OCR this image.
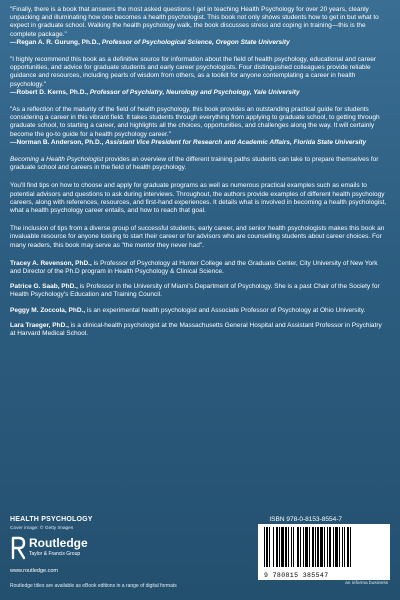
"Finally, there is a book that answers the most asked questions I get in teaching Health Psychology for over 20 years, cleanly unpacking and illuminating how one becomes a health psychologist. This book not only shows students how to get in but what to expect in graduate school. Walking the health psychology walk, the book discusses stress and coping in training—this is the complete package."
—Regan A. R. Gurung, Ph.D., Professor of Psychological Science, Oregon State University
"I highly recommend this book as a definitive source for information about the field of health psychology, educational and career opportunities, and advice for graduate students and early career psychologists. Four distinguished colleagues provide reliable guidance and resources, including pearls of wisdom from others, as a toolkit for anyone contemplating a career in health psychology."
—Robert D. Kerns, Ph.D., Professor of Psychiatry, Neurology and Psychology, Yale University
"As a reflection of the maturity of the field of health psychology, this book provides an outstanding practical guide for students considering a career in this vibrant field. It takes students through everything from applying to graduate school, to getting through graduate school, to starting a career, and highlights all the choices, opportunities, and challenges along the way. It will certainly become the go-to guide for a health psychology career."
—Norman B. Anderson, Ph.D., Assistant Vice President for Research and Academic Affairs, Florida State University

Becoming a Health Psychologist provides an overview of the different training paths students can take to prepare themselves for graduate school and careers in the field of health psychology.

You'll find tips on how to choose and apply for graduate programs as well as numerous practical examples such as emails to potential advisors and questions to ask during interviews. Throughout, the authors provide examples of different health psychology careers, along with references, resources, and first-hand experiences. It details what is involved in becoming a health psychologist, what a health psychology career entails, and how to reach that goal.

The inclusion of tips from a diverse group of successful students, early career, and senior health psychologists makes this book an invaluable resource for anyone looking to start their career or for advisors who are counselling students about career choices. For many readers, this book may serve as "the mentor they never had".

Tracey A. Revenson, PhD., is Professor of Psychology at Hunter College and the Graduate Center, City University of New York and Director of the Ph.D program in Health Psychology & Clinical Science.

Patrice G. Saab, PhD., is Professor in the University of Miami's Department of Psychology. She is a past Chair of the Society for Health Psychology's Education and Training Council.

Peggy M. Zoccola, PhD., is an experimental health psychologist and Associate Professor of Psychology at Ohio University.

Lara Traeger, PhD., is a clinical-health psychologist at the Massachusetts General Hospital and Assistant Professor in Psychiatry at Harvard Medical School.

HEALTH PSYCHOLOGY
Cover image: © Getty Images
Routledge
Taylor & Francis Group
www.routledge.com
Routledge titles are available as eBook editions in a range of digital formats
ISBN 978-0-8153-8554-7
9 780815 385547
an informa business
